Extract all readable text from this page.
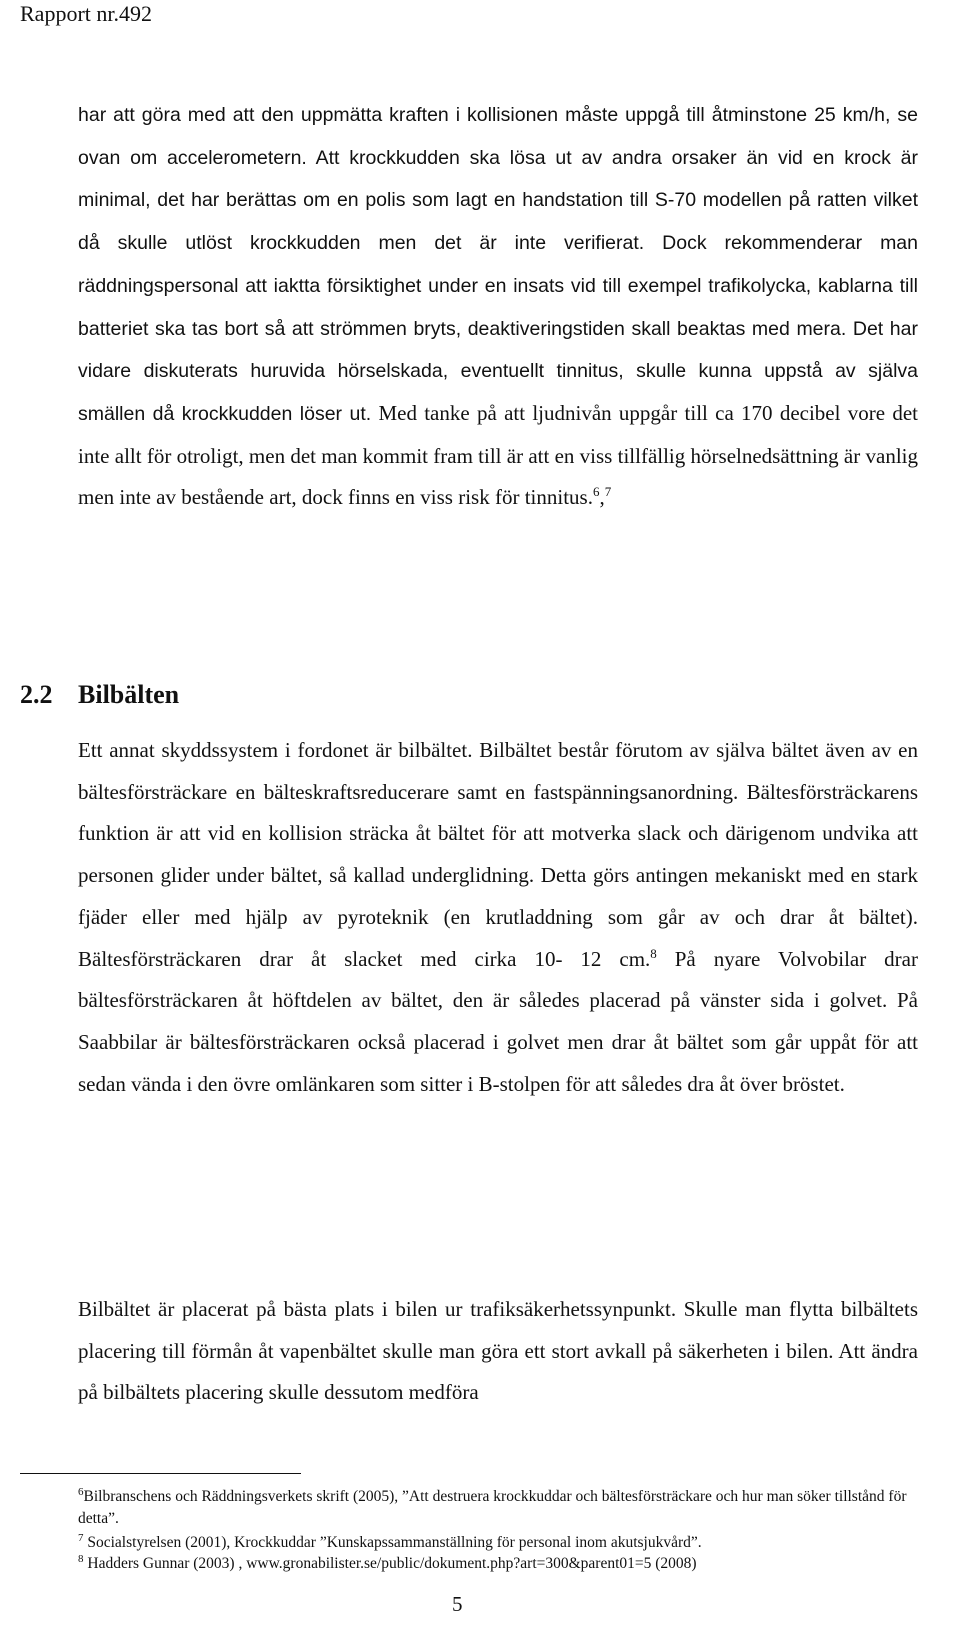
Rapport nr.492

har att göra med att den uppmätta kraften i kollisionen måste uppgå till åtminstone 25 km/h, se ovan om accelerometern. Att krockkudden ska lösa ut av andra orsaker än vid en krock är minimal, det har berättas om en polis som lagt en handstation till S-70 modellen på ratten vilket då skulle utlöst krockkudden men det är inte verifierat. Dock rekommenderar man räddningspersonal att iaktta försiktighet under en insats vid till exempel trafikolycka, kablarna till batteriet ska tas bort så att strömmen bryts, deaktiveringstiden skall beaktas med mera. Det har vidare diskuterats huruvida hörselskada, eventuellt tinnitus, skulle kunna uppstå av själva smällen då krockkudden löser ut. Med tanke på att ljudnivån uppgår till ca 170 decibel vore det inte allt för otroligt, men det man kommit fram till är att en viss tillfällig hörselnedsättning är vanlig men inte av bestående art, dock finns en viss risk för tinnitus.$^6$,$^7$

2.2 Bilbälten

Ett annat skyddssystem i fordonet är bilbältet. Bilbältet består förutom av själva bältet även av en bältesförsträckare en bälteskraftsreducerare samt en fastspänningsanordning. Bältesförsträckarens funktion är att vid en kollision sträcka åt bältet för att motverka slack och därigenom undvika att personen glider under bältet, så kallad underglidning. Detta görs antingen mekaniskt med en stark fjäder eller med hjälp av pyroteknik (en krutladdning som går av och drar åt bältet). Bältesförsträckaren drar åt slacket med cirka 10- 12 cm.$^8$ På nyare Volvobilar drar bältesförsträckaren åt höftdelen av bältet, den är således placerad på vänster sida i golvet. På Saabbilar är bältesförsträckaren också placerad i golvet men drar åt bältet som går uppåt för att sedan vända i den övre omlänkaren som sitter i B-stolpen för att således dra åt över bröstet.

Bilbältet är placerat på bästa plats i bilen ur trafiksäkerhetssynpunkt. Skulle man flytta bilbältets placering till förmån åt vapenbältet skulle man göra ett stort avkall på säkerheten i bilen. Att ändra på bilbältets placering skulle dessutom medföra

$^6$Bilbranschens och Räddningsverkets skrift (2005), ”Att destruera krockkuddar och bältesförsträckare och hur man söker tillstånd för detta”.

$^7$ Socialstyrelsen (2001), Krockkuddar ”Kunskapssammanställning för personal inom akutsjukvård”.

$^8$ Hadders Gunnar (2003) , www.gronabilister.se/public/dokument.php?art=300&parent01=5 (2008)

5
